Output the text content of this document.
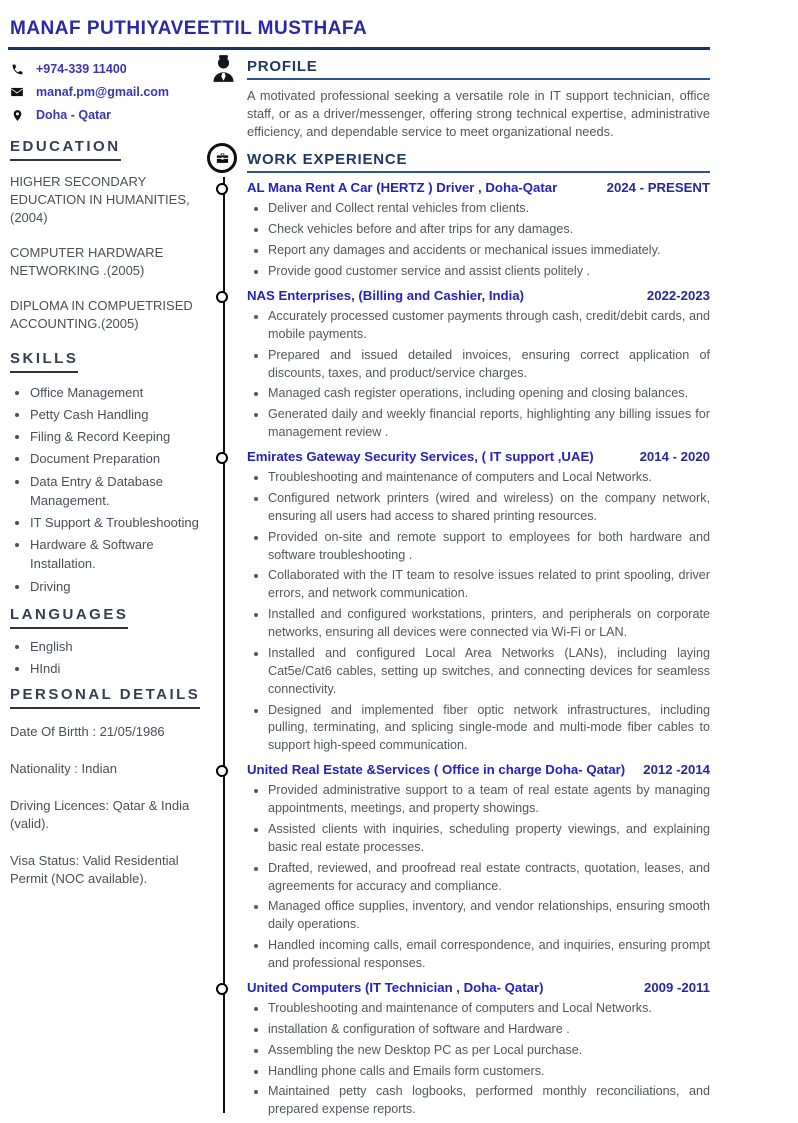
MANAF PUTHIYAVEETTIL MUSTHAFA
+974-339 11400
manaf.pm@gmail.com
Doha - Qatar
EDUCATION
HIGHER SECONDARY EDUCATION IN HUMANITIES, (2004)
COMPUTER HARDWARE NETWORKING .(2005)
DIPLOMA IN COMPUETRISED ACCOUNTING.(2005)
SKILLS
• Office Management
• Petty Cash Handling
• Filing & Record Keeping
• Document Preparation
• Data Entry & Database Management.
• IT Support & Troubleshooting
• Hardware & Software Installation.
• Driving
LANGUAGES
• English
• HIndi
PERSONAL DETAILS

Date Of Birtth : 21/05/1986

Nationality : Indian

Driving Licences: Qatar & India (valid).

Visa Status: Valid Residential Permit (NOC available).

PROFILE
A motivated professional seeking a versatile role in IT support technician, office staff, or as a driver/messenger, offering strong technical expertise, administrative efficiency, and dependable service to meet organizational needs.
WORK EXPERIENCE
AL Mana Rent A Car (HERTZ ) Driver , Doha-Qatar	2024 - PRESENT
• Deliver and Collect rental vehicles from clients.
• Check vehicles before and after trips for any damages.
• Report any damages and accidents or mechanical issues immediately.
• Provide good customer service and assist clients politely .
NAS Enterprises, (Billing and Cashier, India)	2022-2023
• Accurately processed customer payments through cash, credit/debit cards, and mobile payments.
• Prepared and issued detailed invoices, ensuring correct application of discounts, taxes, and product/service charges.
• Managed cash register operations, including opening and closing balances.
• Generated daily and weekly financial reports, highlighting any billing issues for management review .
Emirates Gateway Security Services, ( IT support ,UAE)	2014 - 2020
• Troubleshooting and maintenance of computers and Local Networks.
• Configured network printers (wired and wireless) on the company network, ensuring all users had access to shared printing resources.
• Provided on-site and remote support to employees for both hardware and software troubleshooting .
• Collaborated with the IT team to resolve issues related to print spooling, driver errors, and network communication.
• Installed and configured workstations, printers, and peripherals on corporate networks, ensuring all devices were connected via Wi-Fi or LAN.
• Installed and configured Local Area Networks (LANs), including laying Cat5e/Cat6 cables, setting up switches, and connecting devices for seamless connectivity.
• Designed and implemented fiber optic network infrastructures, including pulling, terminating, and splicing single-mode and multi-mode fiber cables to support high-speed communication.
United Real Estate &Services ( Office in charge Doha- Qatar)	2012 -2014
• Provided administrative support to a team of real estate agents by managing appointments, meetings, and property showings.
• Assisted clients with inquiries, scheduling property viewings, and explaining basic real estate processes.
• Drafted, reviewed, and proofread real estate contracts, quotation, leases, and agreements for accuracy and compliance.
• Managed office supplies, inventory, and vendor relationships, ensuring smooth daily operations.
• Handled incoming calls, email correspondence, and inquiries, ensuring prompt and professional responses.
United Computers (IT Technician , Doha- Qatar)	2009 -2011
• Troubleshooting and maintenance of computers and Local Networks.
• installation & configuration of software and Hardware .
• Assembling the new Desktop PC as per Local purchase.
• Handling phone calls and Emails form customers.
• Maintained petty cash logbooks, performed monthly reconciliations, and prepared expense reports.
